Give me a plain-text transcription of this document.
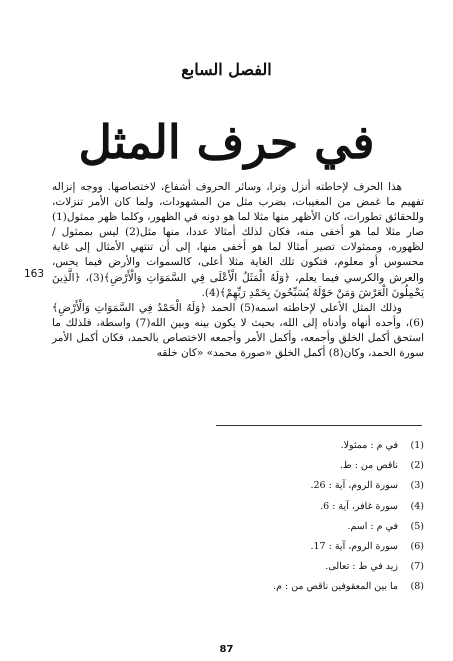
الفصل السابع
في حرف المثل
163

هذا الحرف لإحاطته أنزل وترا، وسائر الحروف أشفاع، لاختصاصها. ووجه إنزاله تفهيم ما غمض من المغيبات، بضرب مثل من المشهودات، ولما كان الأمر تنزلات، وللحقائق تطورات، كان الأظهر منها مثلا لما هو دونه في الظهور، وكلما ظهر ممثول(1) صار مثلا لما هو أخفى منه، فكان لذلك أمثالا عددا، منها مثل(2) ليس بممثول / لظهوره، وممثولات تصير أمثالا لما هو أخفى منها، إلى أن تنتهي الأمثال إلى غاية محسوس أو معلوم، فتكون تلك الغاية مثلا أعلى، كالسموات والأرض فيما يحس، والعرش والكرسي فيما يعلم، ﴿وَلَهُ الْمَثَلُ الْأَعْلَى فِي السَّمَوَاتِ وَالْأَرْضِ﴾(3)، ﴿الَّذِينَ يَحْمِلُونَ الْعَرْشَ وَمَنْ حَوْلَهُ يُسَبِّحُونَ بِحَمْدِ رَبِّهِمْ﴾(4).

وذلك المثل الأعلى لإحاطته اسمه(5) الحمد ﴿وَلَهُ الْحَمْدُ فِي السَّمَوَاتِ وَالْأَرْضِ﴾(6)، وأحده أنهاه وأدناه إلى الله، بحيث لا يكون بينه وبين الله(7) واسطة، فلذلك ما استحق أكمل الخلق وأجمعه، وأكمل الأمر وأجمعه الاختصاص بالحمد، فكان أكمل الأمر سورة الحمد، وكان(8) أكمل الخلق «صورة محمد» «كان خلقه

(1)
في م : ممثولا.
(2)
ناقص من : ط.
(3)
سورة الروم، آية : 26.
(4)
سورة غافر، آية : 6.
(5)
في م : اسم.
(6)
سورة الروم، آية : 17.
(7)
زيد في ط : تعالى.
(8)
ما بين المعقوفين ناقص من : م.
87
